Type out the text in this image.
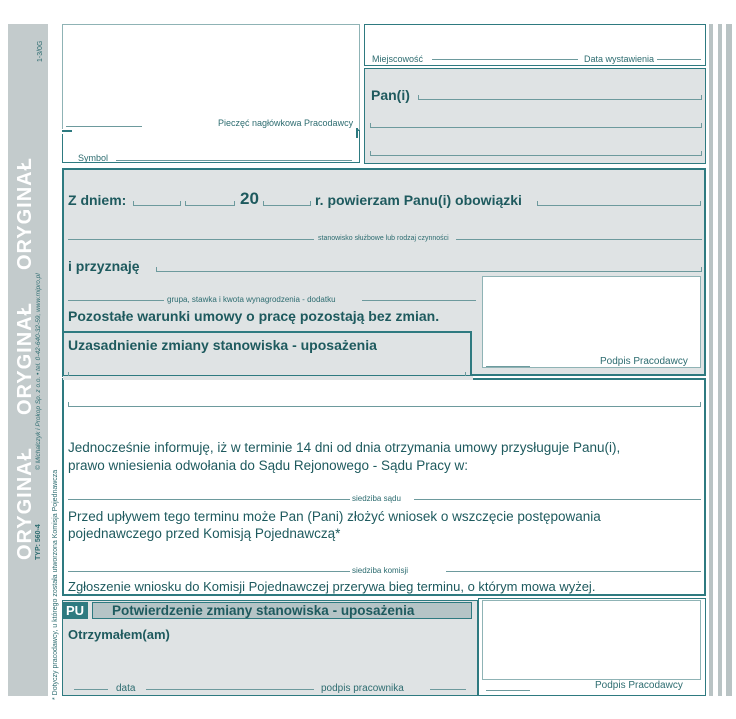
ORYGINAŁ
ORYGINAŁ
ORYGINAŁ
© Michalczyk i Prokop Sp. z o.o. • tel. 0-42-640-32-59, www.mipro.pl
TYP: 560-4
1-3/0G
* Dotyczy pracodawcy, u którego została utworzona Komisja Pojednawcza
Pieczęć nagłówkowa Pracodawcy
Symbol
Miejscowość	Data wystawienia
Pan(i)
Z dniem:	20	r. powierzam Panu(i) obowiązki
stanowisko służbowe lub rodzaj czynności
i przyznaję
grupa, stawka i kwota wynagrodzenia - dodatku
Pozostałe warunki umowy o pracę pozostają bez zmian.
Podpis Pracodawcy
Uzasadnienie zmiany stanowiska - uposażenia
Jednocześnie informuję, iż w terminie 14 dni od dnia otrzymania umowy przysługuje Panu(i),
prawo wniesienia odwołania do Sądu Rejonowego - Sądu Pracy w:
siedziba sądu
Przed upływem tego terminu może Pan (Pani) złożyć wniosek o wszczęcie postępowania
pojednawczego przed Komisją Pojednawczą*
siedziba komisji
Zgłoszenie wniosku do Komisji Pojednawczej przerywa bieg terminu, o którym mowa wyżej.
PU Potwierdzenie zmiany stanowiska - uposażenia
Otrzymałem(am)
data	podpis pracownika	Podpis Pracodawcy
